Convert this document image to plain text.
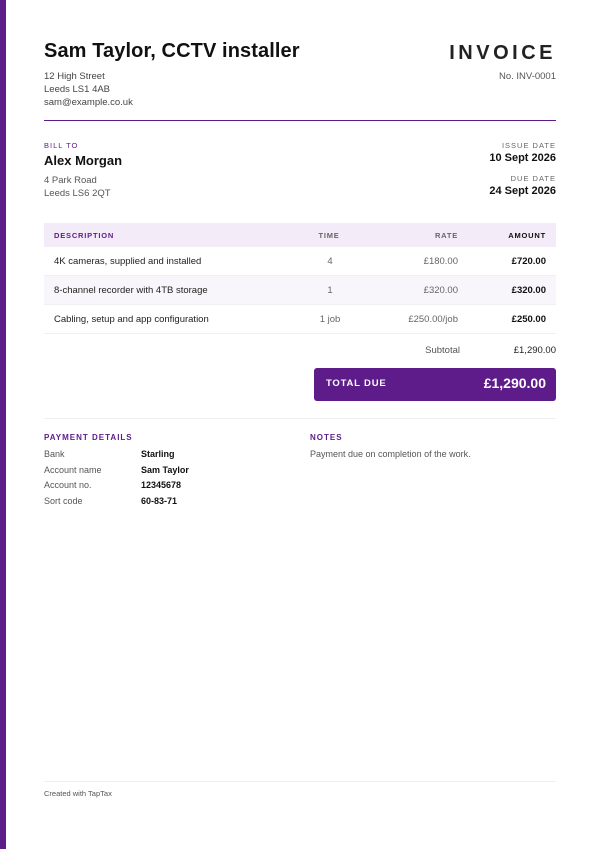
Sam Taylor, CCTV installer
12 High Street
Leeds LS1 4AB
sam@example.co.uk
INVOICE
No. INV-0001
BILL TO
Alex Morgan
4 Park Road
Leeds LS6 2QT
ISSUE DATE
10 Sept 2026
DUE DATE
24 Sept 2026
DESCRIPTION	TIME	RATE	AMOUNT
4K cameras, supplied and installed	4	£180.00	£720.00
8-channel recorder with 4TB storage	1	£320.00	£320.00
Cabling, setup and app configuration	1 job	£250.00/job	£250.00
Subtotal	£1,290.00
TOTAL DUE	£1,290.00
PAYMENT DETAILS
Bank	Starling
Account name	Sam Taylor
Account no.	12345678
Sort code	60-83-71
NOTES
Payment due on completion of the work.
Created with TapTax
